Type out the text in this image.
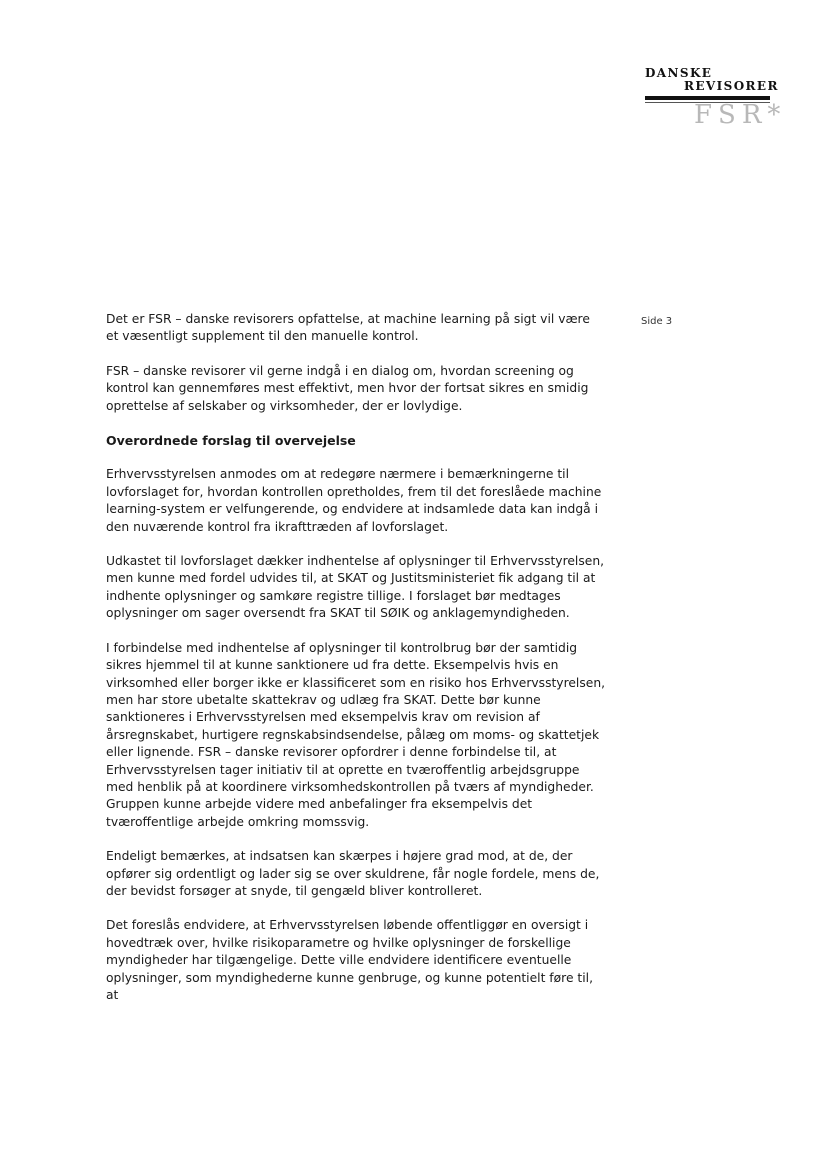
DANSKE
REVISORER
FSR*
Side 3

Det er FSR – danske revisorers opfattelse, at machine learning på sigt vil være et væsentligt supplement til den manuelle kontrol.

FSR – danske revisorer vil gerne indgå i en dialog om, hvordan screening og kontrol kan gennemføres mest effektivt, men hvor der fortsat sikres en smidig oprettelse af selskaber og virksomheder, der er lovlydige.

Overordnede forslag til overvejelse

Erhvervsstyrelsen anmodes om at redegøre nærmere i bemærkningerne til lovforslaget for, hvordan kontrollen opretholdes, frem til det foreslåede machine learning-system er velfungerende, og endvidere at indsamlede data kan indgå i den nuværende kontrol fra ikrafttræden af lovforslaget.

Udkastet til lovforslaget dækker indhentelse af oplysninger til Erhvervsstyrelsen, men kunne med fordel udvides til, at SKAT og Justitsministeriet fik adgang til at indhente oplysninger og samkøre registre tillige. I forslaget bør medtages oplysninger om sager oversendt fra SKAT til SØIK og anklagemyndigheden.

I forbindelse med indhentelse af oplysninger til kontrolbrug bør der samtidig sikres hjemmel til at kunne sanktionere ud fra dette. Eksempelvis hvis en virksomhed eller borger ikke er klassificeret som en risiko hos Erhvervsstyrelsen, men har store ubetalte skattekrav og udlæg fra SKAT. Dette bør kunne sanktioneres i Erhvervsstyrelsen med eksempelvis krav om revision af årsregnskabet, hurtigere regnskabsindsendelse, pålæg om moms- og skattetjek eller lignende. FSR – danske revisorer opfordrer i denne forbindelse til, at Erhvervsstyrelsen tager initiativ til at oprette en tværoffentlig arbejdsgruppe med henblik på at koordinere virksomhedskontrollen på tværs af myndigheder. Gruppen kunne arbejde videre med anbefalinger fra eksempelvis det tværoffentlige arbejde omkring momssvig.

Endeligt bemærkes, at indsatsen kan skærpes i højere grad mod, at de, der opfører sig ordentligt og lader sig se over skuldrene, får nogle fordele, mens de, der bevidst forsøger at snyde, til gengæld bliver kontrolleret.

Det foreslås endvidere, at Erhvervsstyrelsen løbende offentliggør en oversigt i hovedtræk over, hvilke risikoparametre og hvilke oplysninger de forskellige myndigheder har tilgængelige. Dette ville endvidere identificere eventuelle oplysninger, som myndighederne kunne genbruge, og kunne potentielt føre til, at
